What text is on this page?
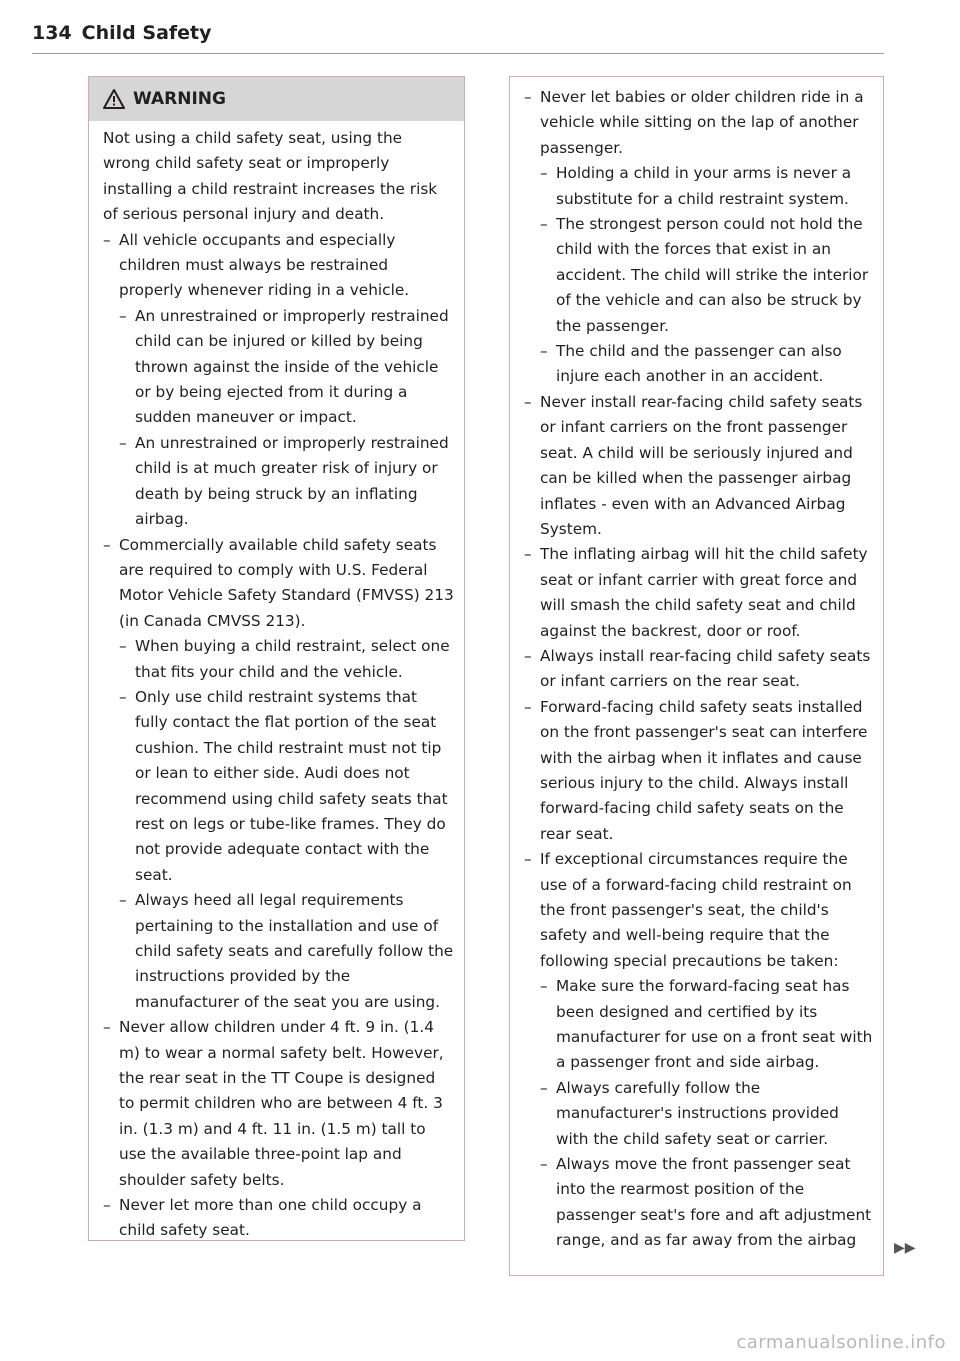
134 Child Safety
WARNING

Not using a child safety seat, using the wrong child safety seat or improperly installing a child restraint increases the risk of serious personal injury and death.

– All vehicle occupants and especially children must always be restrained properly whenever riding in a vehicle.

– An unrestrained or improperly restrained child can be injured or killed by being thrown against the inside of the vehicle or by being ejected from it during a sudden maneuver or impact.

– An unrestrained or improperly restrained child is at much greater risk of injury or death by being struck by an inflating airbag.

– Commercially available child safety seats are required to comply with U.S. Federal Motor Vehicle Safety Standard (FMVSS) 213 (in Canada CMVSS 213).

– When buying a child restraint, select one that fits your child and the vehicle.

– Only use child restraint systems that fully contact the flat portion of the seat cushion. The child restraint must not tip or lean to either side. Audi does not recommend using child safety seats that rest on legs or tube-like frames. They do not provide adequate contact with the seat.

– Always heed all legal requirements pertaining to the installation and use of child safety seats and carefully follow the instructions provided by the manufacturer of the seat you are using.

– Never allow children under 4 ft. 9 in. (1.4 m) to wear a normal safety belt. However, the rear seat in the TT Coupe is designed to permit children who are between 4 ft. 3 in. (1.3 m) and 4 ft. 11 in. (1.5 m) tall to use the available three-point lap and shoulder safety belts.

– Never let more than one child occupy a child safety seat.

– Never let babies or older children ride in a vehicle while sitting on the lap of another passenger.

– Holding a child in your arms is never a substitute for a child restraint system.

– The strongest person could not hold the child with the forces that exist in an accident. The child will strike the interior of the vehicle and can also be struck by the passenger.

– The child and the passenger can also injure each another in an accident.

– Never install rear-facing child safety seats or infant carriers on the front passenger seat. A child will be seriously injured and can be killed when the passenger airbag inflates - even with an Advanced Airbag System.

– The inflating airbag will hit the child safety seat or infant carrier with great force and will smash the child safety seat and child against the backrest, door or roof.

– Always install rear-facing child safety seats or infant carriers on the rear seat.

– Forward-facing child safety seats installed on the front passenger's seat can interfere with the airbag when it inflates and cause serious injury to the child. Always install forward-facing child safety seats on the rear seat.

– If exceptional circumstances require the use of a forward-facing child restraint on the front passenger's seat, the child's safety and well-being require that the following special precautions be taken:

– Make sure the forward-facing seat has been designed and certified by its manufacturer for use on a front seat with a passenger front and side airbag.

– Always carefully follow the manufacturer's instructions provided with the child safety seat or carrier.

– Always move the front passenger seat into the rearmost position of the passenger seat's fore and aft adjustment range, and as far away from the airbag	▶▶
carmanualsonline.info
